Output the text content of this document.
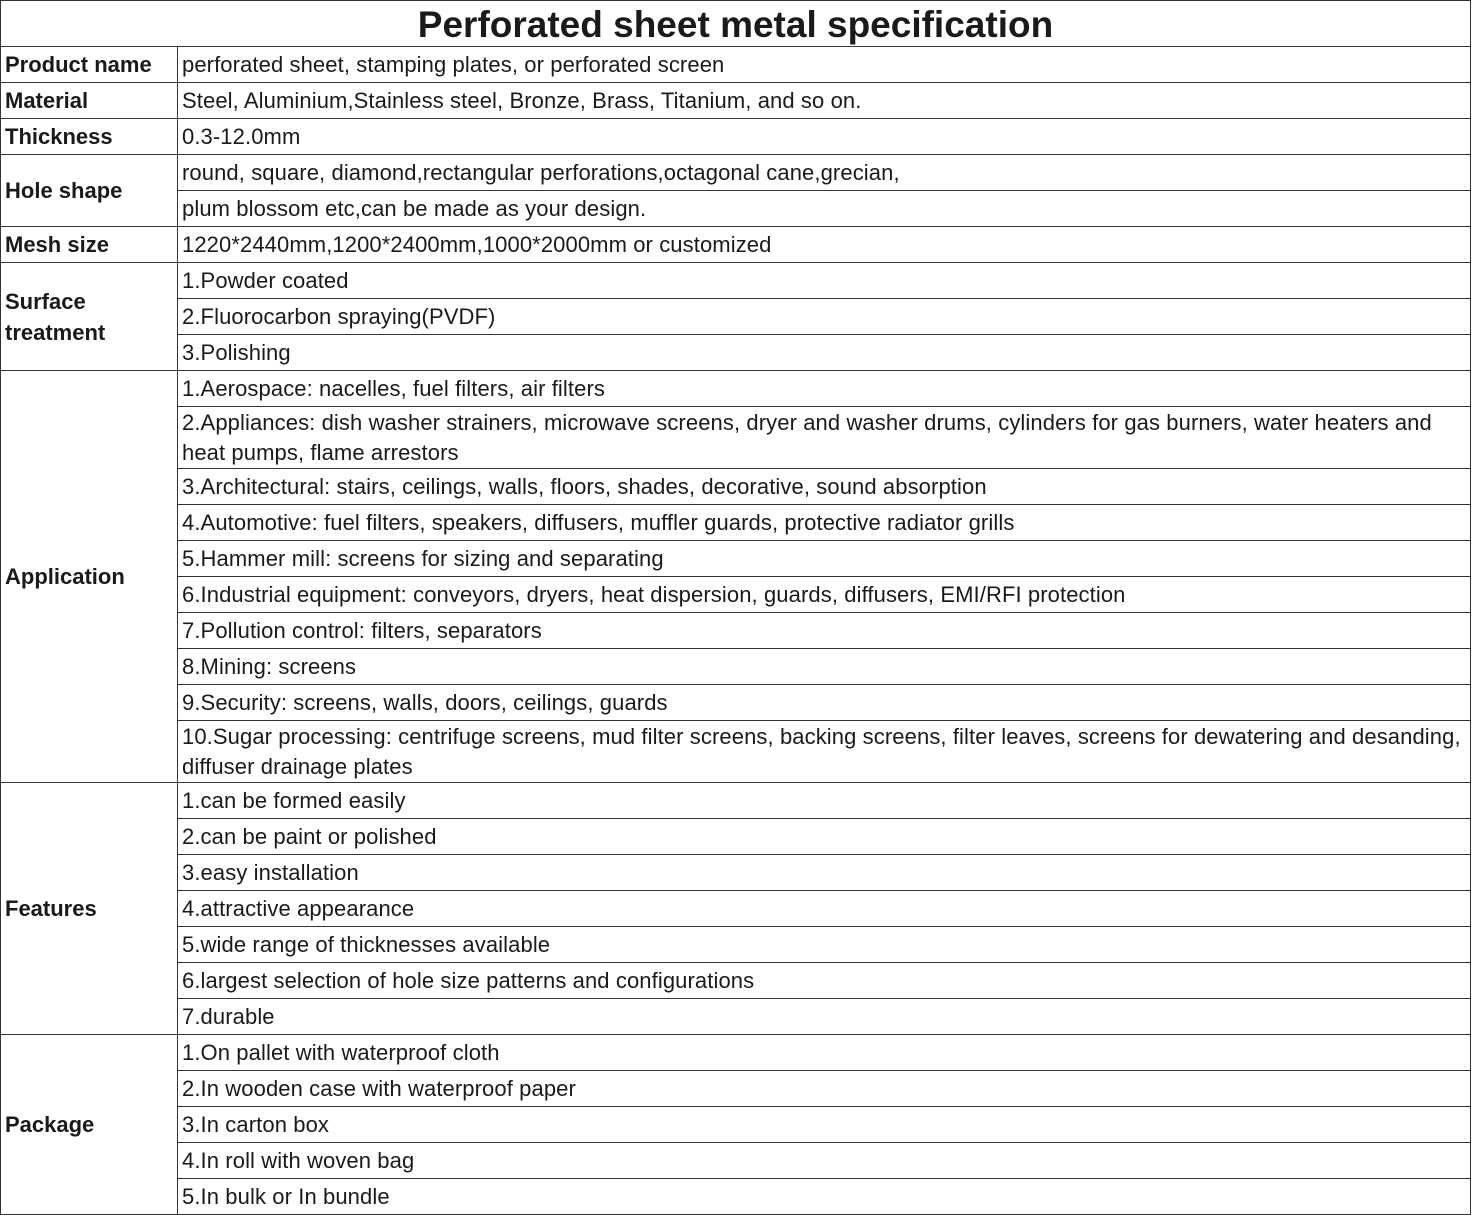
Perforated sheet metal specification
Product name	perforated sheet, stamping plates, or perforated screen
Material	Steel, Aluminium,Stainless steel, Bronze, Brass, Titanium, and so on.
Thickness	0.3-12.0mm
Hole shape	round, square, diamond,rectangular perforations,octagonal cane,grecian,
	plum blossom etc,can be made as your design.
Mesh size	1220*2440mm,1200*2400mm,1000*2000mm or customized
Surface treatment	1.Powder coated
	2.Fluorocarbon spraying(PVDF)
	3.Polishing
Application	1.Aerospace: nacelles, fuel filters, air filters
	2.Appliances: dish washer strainers, microwave screens, dryer and washer drums, cylinders for gas burners, water heaters and heat pumps, flame arrestors
	3.Architectural: stairs, ceilings, walls, floors, shades, decorative, sound absorption
	4.Automotive: fuel filters, speakers, diffusers, muffler guards, protective radiator grills
	5.Hammer mill: screens for sizing and separating
	6.Industrial equipment: conveyors, dryers, heat dispersion, guards, diffusers, EMI/RFI protection
	7.Pollution control: filters, separators
	8.Mining: screens
	9.Security: screens, walls, doors, ceilings, guards
	10.Sugar processing: centrifuge screens, mud filter screens, backing screens, filter leaves, screens for dewatering and desanding, diffuser drainage plates
Features	1.can be formed easily
	2.can be paint or polished
	3.easy installation
	4.attractive appearance
	5.wide range of thicknesses available
	6.largest selection of hole size patterns and configurations
	7.durable
Package	1.On pallet with waterproof cloth
	2.In wooden case with waterproof paper
	3.In carton box
	4.In roll with woven bag
	5.In bulk or In bundle
